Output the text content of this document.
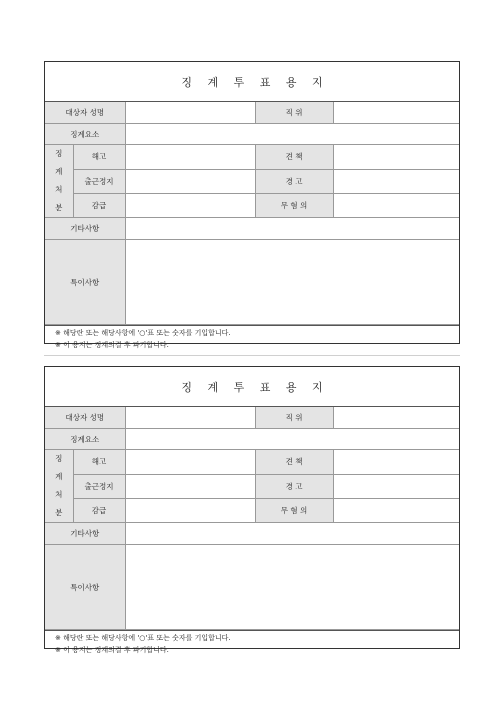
징 계 투 표 용 지
대상자 성명			직 위	
징계요소				
징
계
처
분	해고		견 책	
	출근정지		경 고	
	감급		무 혐 의	
기타사항				
특이사항				
※ 해당란 또는 해당사항에 '○'표 또는 숫자를 기입합니다.
※ 이 용지는 징계의결 후 파기합니다.
징 계 투 표 용 지
대상자 성명			직 위	
징계요소				
징
계
처
분	해고		견 책	
	출근정지		경 고	
	감급		무 혐 의	
기타사항				
특이사항				
※ 해당란 또는 해당사항에 '○'표 또는 숫자를 기입합니다.
※ 이 용지는 징계의결 후 파기합니다.
